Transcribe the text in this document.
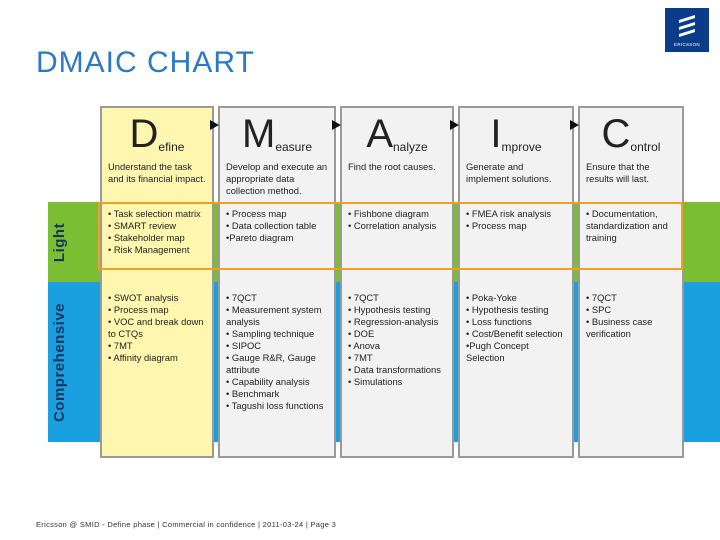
DMAIC CHART
ERICSSON
Light
Comprehensive
D efine
Understand the task and its financial impact.
• Task selection matrix
• SMART review
• Stakeholder map
• Risk Management
• SWOT analysis
• Process map
• VOC and break down to CTQs
• 7MT
• Affinity diagram
M easure
Develop and execute an appropriate data collection method.
• Process map
• Data collection table
•Pareto diagram
• 7QCT
• Measurement system analysis
• Sampling technique
• SIPOC
• Gauge R&R, Gauge attribute
• Capability analysis
• Benchmark
• Tagushi loss functions
A nalyze
Find the root causes.
• Fishbone diagram
• Correlation analysis
• 7QCT
• Hypothesis testing
• Regression-analysis
• DOE
• Anova
• 7MT
• Data transformations
• Simulations
I mprove
Generate and implement solutions.
• FMEA risk analysis
• Process map
• Poka-Yoke
• Hypothesis testing
• Loss functions
• Cost/Benefit selection
•Pugh Concept Selection
C ontrol
Ensure that the results will last.
• Documentation, standardization and training
• 7QCT
• SPC
• Business case verification
Ericsson @ SMID - Define phase | Commercial in confidence | 2011-03-24 | Page 3
